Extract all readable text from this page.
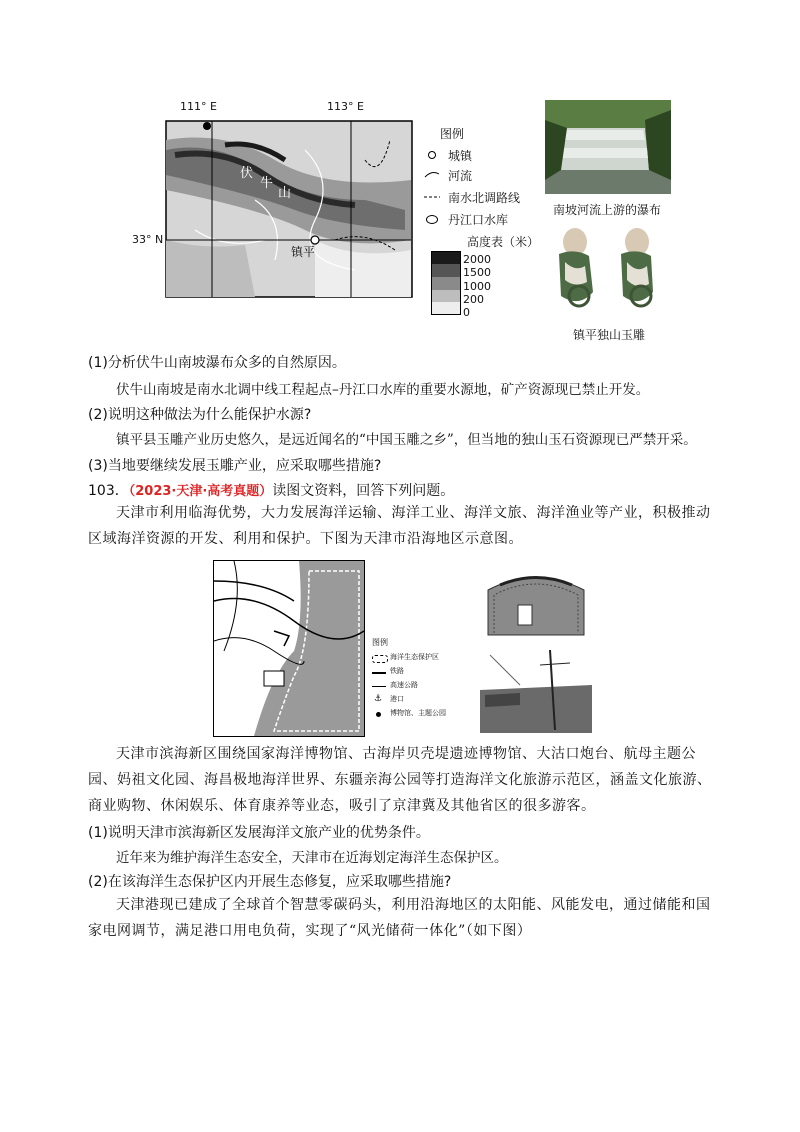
111° E	113° E
伏
牛
山
镇平
33° N
图例
城镇
河流
南水北调路线
丹江口水库
高度表（米）
2000
1500
1000
200
0
南坡河流上游的瀑布
镇平独山玉雕
(1)分析伏牛山南坡瀑布众多的自然原因。
伏牛山南坡是南水北调中线工程起点–丹江口水库的重要水源地，矿产资源现已禁止开发。
(2)说明这种做法为什么能保护水源?
镇平县玉雕产业历史悠久，是远近闻名的“中国玉雕之乡”，但当地的独山玉石资源现已严禁开采。
(3)当地要继续发展玉雕产业，应采取哪些措施?
103．（2023·天津·高考真题）读图文资料，回答下列问题。
天津市利用临海优势，大力发展海洋运输、海洋工业、海洋文旅、海洋渔业等产业，积极推动区域海洋资源的开发、利用和保护。下图为天津市沿海地区示意图。
图例
海洋生态保护区
铁路
高速公路
⚓ 港口
博物馆、主题公园
天津市滨海新区围绕国家海洋博物馆、古海岸贝壳堤遗迹博物馆、大沽口炮台、航母主题公园、妈祖文化园、海昌极地海洋世界、东疆亲海公园等打造海洋文化旅游示范区，涵盖文化旅游、商业购物、休闲娱乐、体育康养等业态，吸引了京津冀及其他省区的很多游客。
(1)说明天津市滨海新区发展海洋文旅产业的优势条件。
近年来为维护海洋生态安全，天津市在近海划定海洋生态保护区。
(2)在该海洋生态保护区内开展生态修复，应采取哪些措施?
天津港现已建成了全球首个智慧零碳码头，利用沿海地区的太阳能、风能发电，通过储能和国家电网调节，满足港口用电负荷，实现了“风光储荷一体化”（如下图）
